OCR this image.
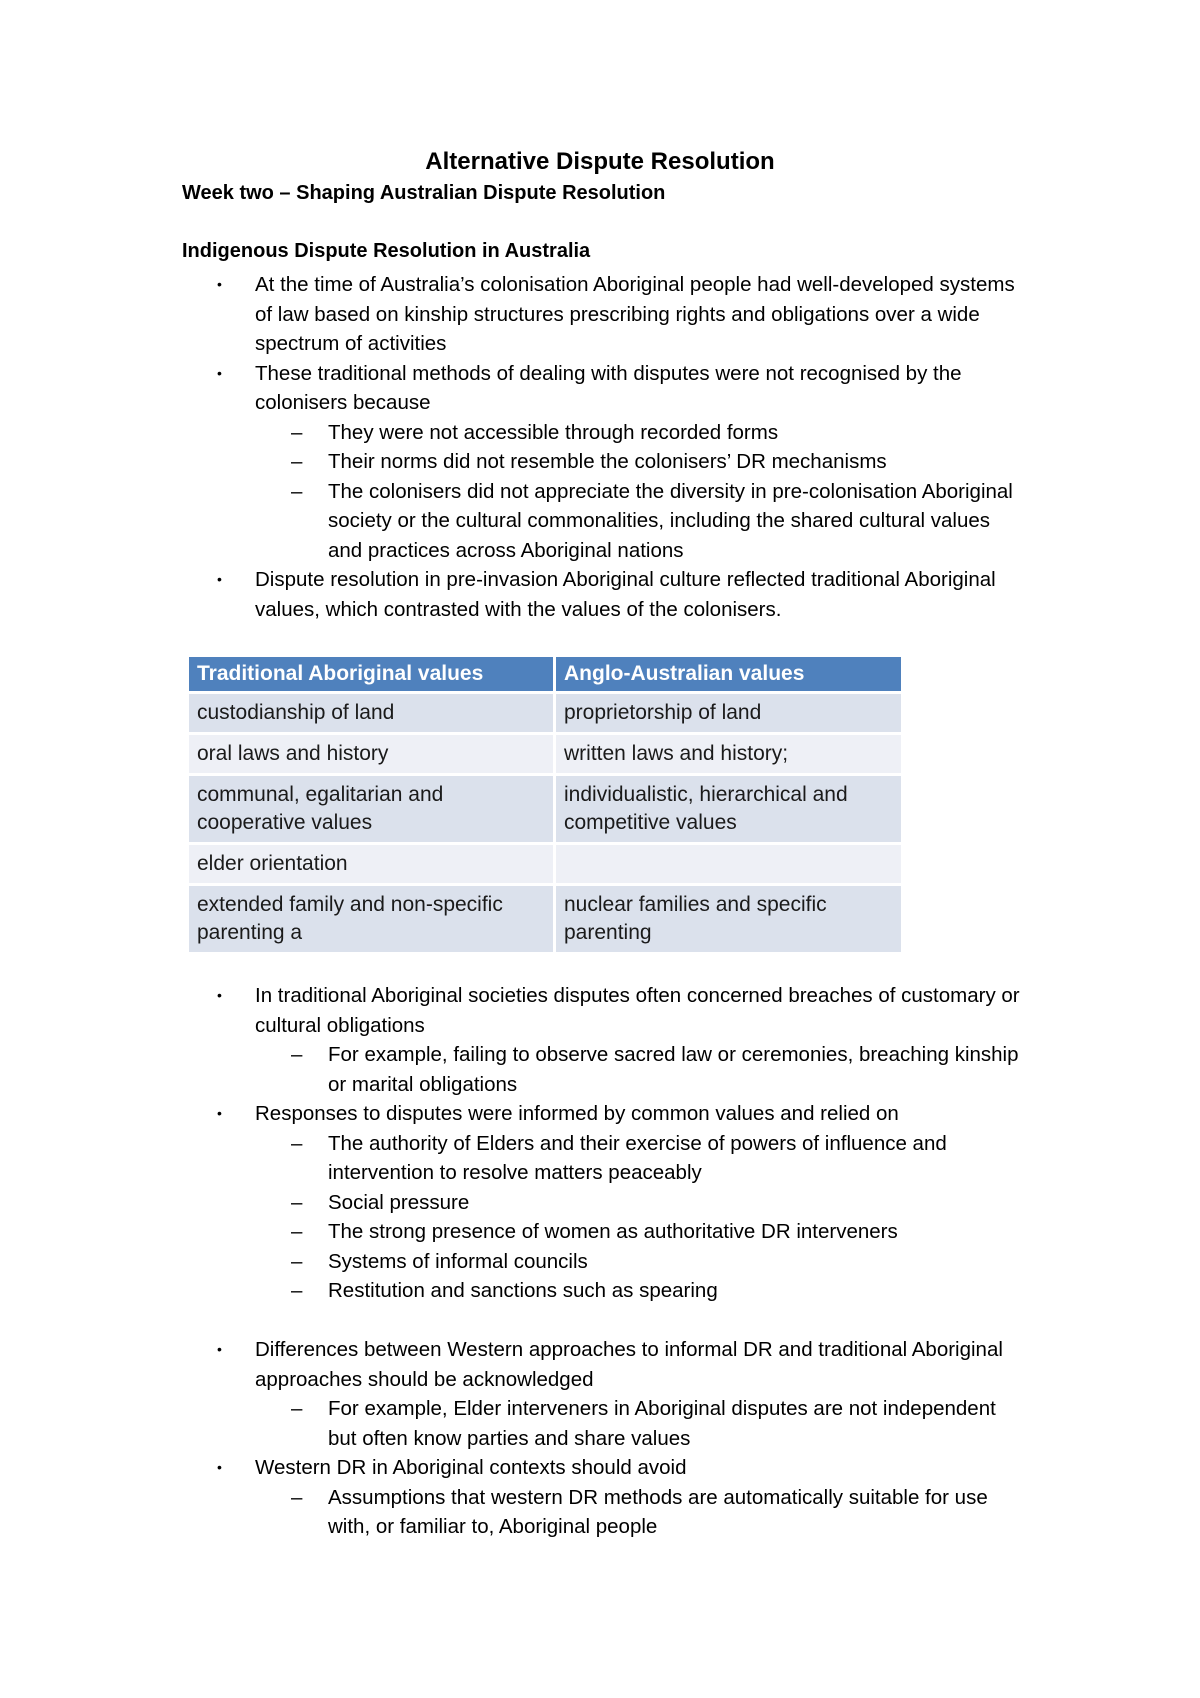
Alternative Dispute Resolution
Week two – Shaping Australian Dispute Resolution
Indigenous Dispute Resolution in Australia
• At the time of Australia’s colonisation Aboriginal people had well-developed systems of law based on kinship structures prescribing rights and obligations over a wide spectrum of activities
• These traditional methods of dealing with disputes were not recognised by the colonisers because
– They were not accessible through recorded forms
– Their norms did not resemble the colonisers’ DR mechanisms
– The colonisers did not appreciate the diversity in pre-colonisation Aboriginal society or the cultural commonalities, including the shared cultural values and practices across Aboriginal nations
• Dispute resolution in pre-invasion Aboriginal culture reflected traditional Aboriginal values, which contrasted with the values of the colonisers.
Traditional Aboriginal values	Anglo-Australian values
custodianship of land	proprietorship of land
oral laws and history	written laws and history;
communal, egalitarian and cooperative values	individualistic, hierarchical and competitive values
elder orientation	
extended family and non-specific parenting a	nuclear families and specific parenting
• In traditional Aboriginal societies disputes often concerned breaches of customary or cultural obligations
– For example, failing to observe sacred law or ceremonies, breaching kinship or marital obligations
• Responses to disputes were informed by common values and relied on
– The authority of Elders and their exercise of powers of influence and intervention to resolve matters peaceably
– Social pressure
– The strong presence of women as authoritative DR interveners
– Systems of informal councils
– Restitution and sanctions such as spearing
• Differences between Western approaches to informal DR and traditional Aboriginal approaches should be acknowledged
– For example, Elder interveners in Aboriginal disputes are not independent but often know parties and share values
• Western DR in Aboriginal contexts should avoid
– Assumptions that western DR methods are automatically suitable for use with, or familiar to, Aboriginal people
